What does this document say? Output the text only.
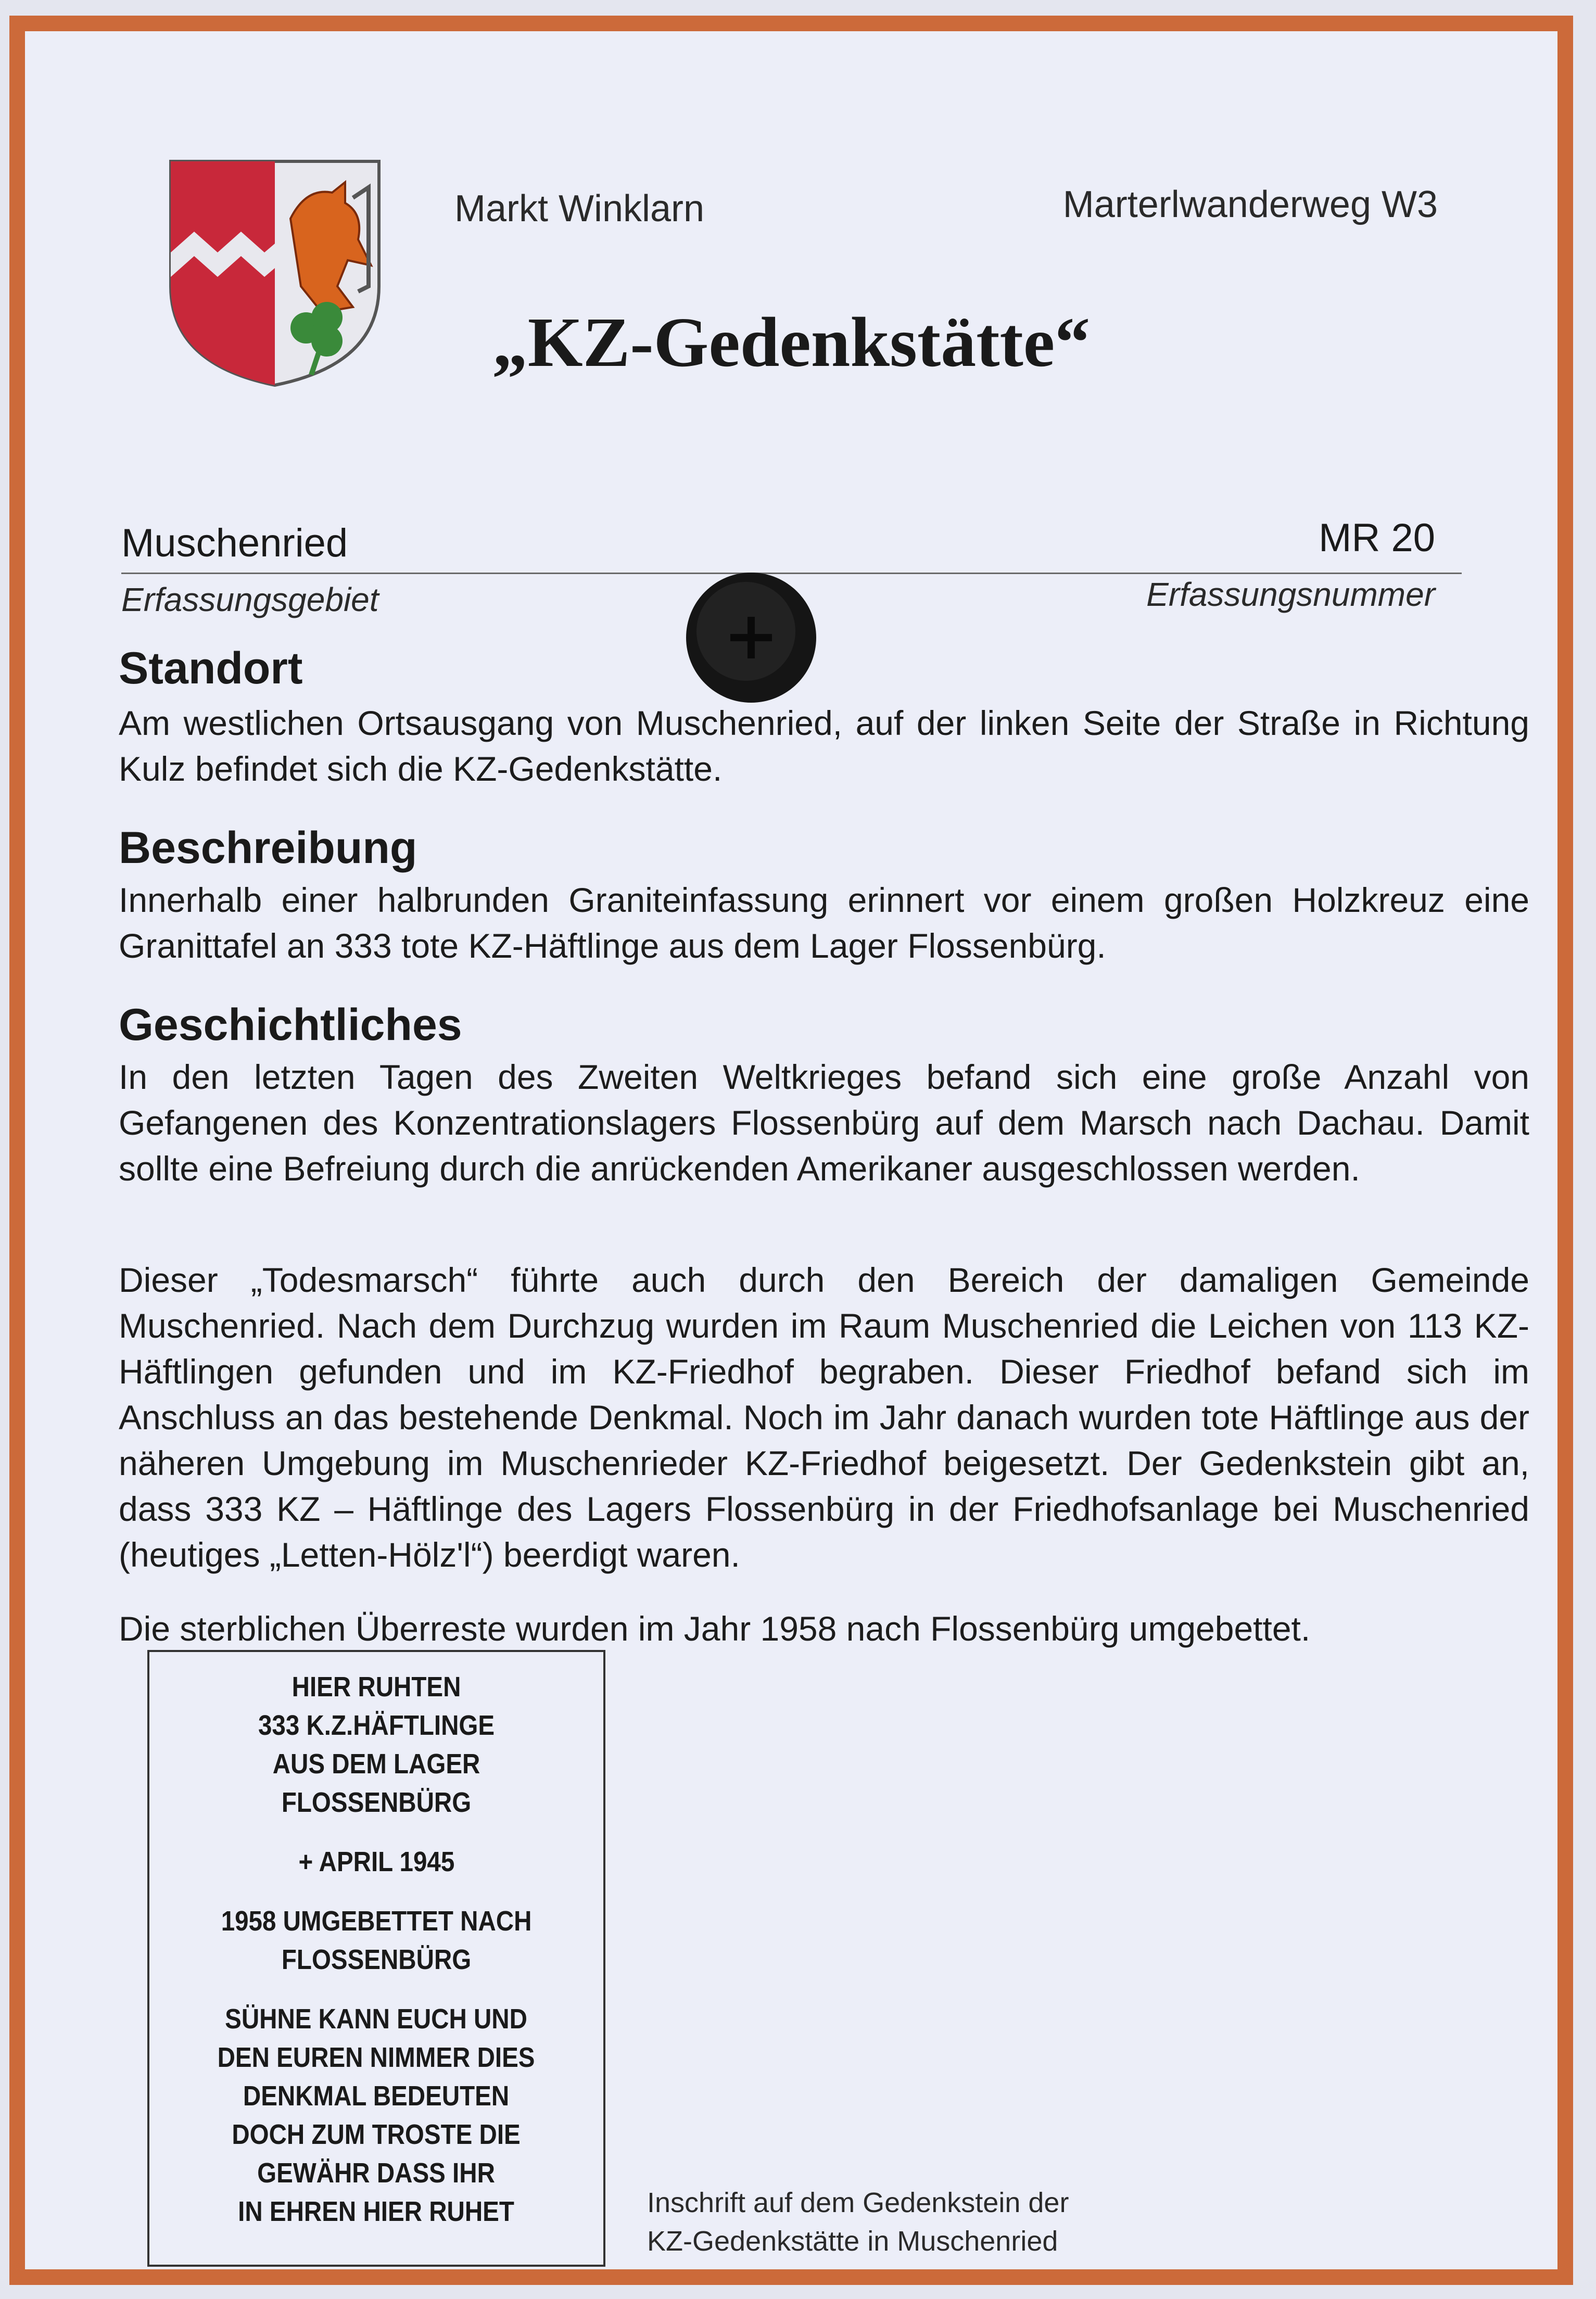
Markt Winklarn	Marterlwanderweg W3
„KZ-Gedenkstätte“
Muschenried	MR 20
Erfassungsgebiet	Erfassungsnummer
Standort
Am westlichen Ortsausgang von Muschenried, auf der linken Seite der Straße in Richtung Kulz befindet sich die KZ-Gedenkstätte.
Beschreibung
Innerhalb einer halbrunden Graniteinfassung erinnert vor einem großen Holzkreuz eine Granittafel an 333 tote KZ-Häftlinge aus dem Lager Flossenbürg.
Geschichtliches
In den letzten Tagen des Zweiten Weltkrieges befand sich eine große Anzahl von Gefangenen des Konzentrationslagers Flossenbürg auf dem Marsch nach Dachau. Damit sollte eine Befreiung durch die anrückenden Amerikaner ausgeschlossen werden.
Dieser „Todesmarsch“ führte auch durch den Bereich der damaligen Gemeinde Muschenried. Nach dem Durchzug wurden im Raum Muschenried die Leichen von 113 KZ-Häftlingen gefunden und im KZ-Friedhof begraben. Dieser Friedhof befand sich im Anschluss an das bestehende Denkmal. Noch im Jahr danach wurden tote Häftlinge aus der näheren Umgebung im Muschenrieder KZ-Friedhof beigesetzt. Der Gedenkstein gibt an, dass 333 KZ – Häftlinge des Lagers Flossenbürg in der Friedhofsanlage bei Muschenried (heutiges „Letten-Hölz'l“) beerdigt waren.
Die sterblichen Überreste wurden im Jahr 1958 nach Flossenbürg umgebettet.
HIER RUHTEN
333 K.Z.HÄFTLINGE
AUS DEM LAGER
FLOSSENBÜRG
+ APRIL 1945
1958 UMGEBETTET NACH
FLOSSENBÜRG
SÜHNE KANN EUCH UND
DEN EUREN NIMMER DIES
DENKMAL BEDEUTEN
DOCH ZUM TROSTE DIE
GEWÄHR DASS IHR
IN EHREN HIER RUHET	Inschrift auf dem Gedenkstein der
KZ-Gedenkstätte in Muschenried
